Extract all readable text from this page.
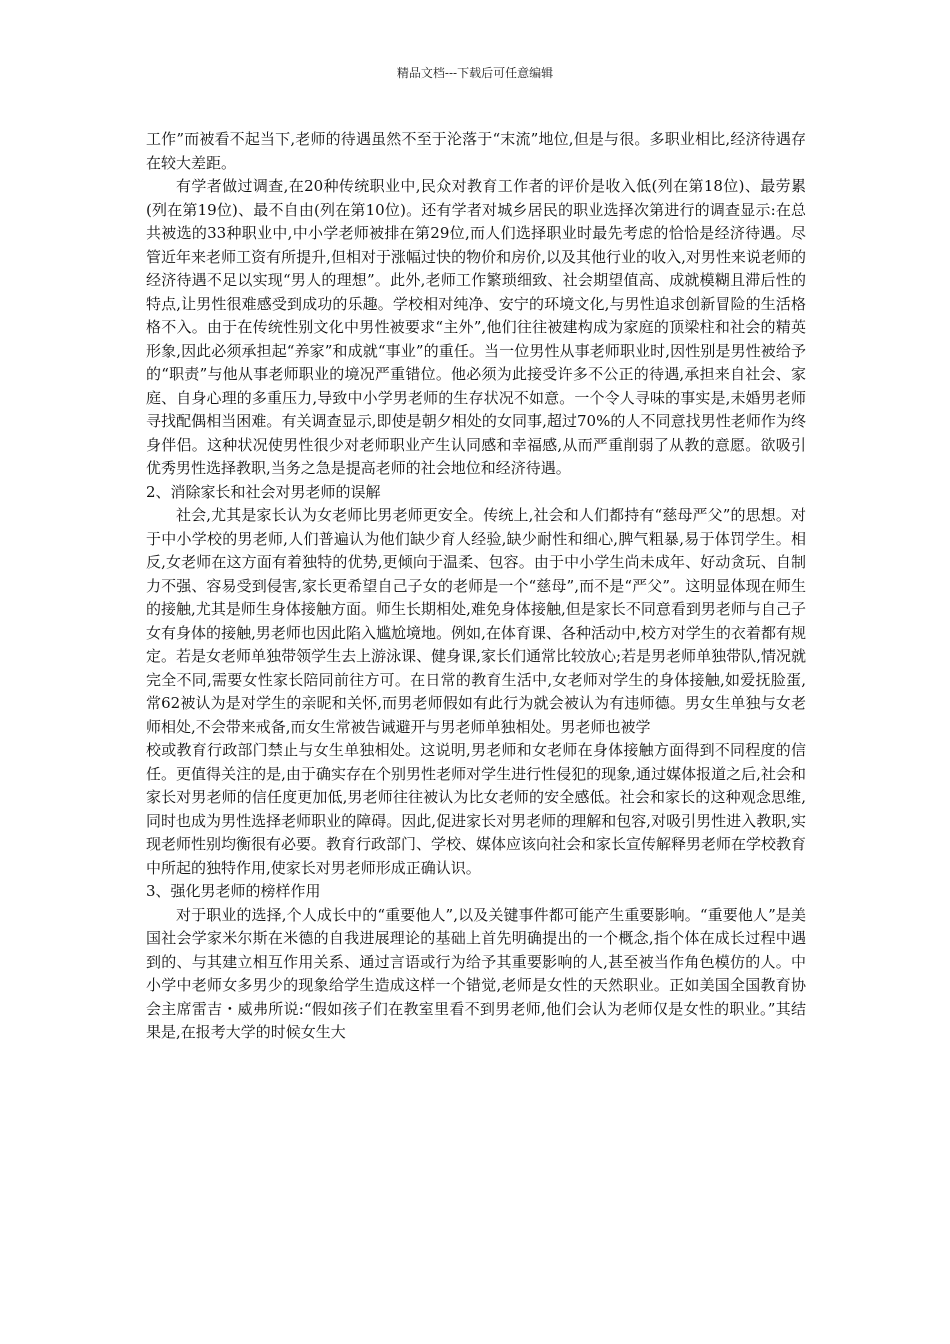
精品文档---下载后可任意编辑

工作”而被看不起当下,老师的待遇虽然不至于沦落于“末流”地位,但是与很。多职业相比,经济待遇存在较大差距。

有学者做过调查,在20种传统职业中,民众对教育工作者的评价是收入低(列在第18位)、最劳累(列在第19位)、最不自由(列在第10位)。还有学者对城乡居民的职业选择次第进行的调查显示:在总共被选的33种职业中,中小学老师被排在第29位,而人们选择职业时最先考虑的恰恰是经济待遇。尽管近年来老师工资有所提升,但相对于涨幅过快的物价和房价,以及其他行业的收入,对男性来说老师的经济待遇不足以实现“男人的理想”。此外,老师工作繁琐细致、社会期望值高、成就模糊且滞后性的特点,让男性很难感受到成功的乐趣。学校相对纯净、安宁的环境文化,与男性追求创新冒险的生活格格不入。由于在传统性别文化中男性被要求“主外”,他们往往被建构成为家庭的顶梁柱和社会的精英形象,因此必须承担起“养家”和成就“事业”的重任。当一位男性从事老师职业时,因性别是男性被给予的“职责”与他从事老师职业的境况严重错位。他必须为此接受许多不公正的待遇,承担来自社会、家庭、自身心理的多重压力,导致中小学男老师的生存状况不如意。一个令人寻味的事实是,未婚男老师寻找配偶相当困难。有关调查显示,即使是朝夕相处的女同事,超过70%的人不同意找男性老师作为终身伴侣。这种状况使男性很少对老师职业产生认同感和幸福感,从而严重削弱了从教的意愿。欲吸引优秀男性选择教职,当务之急是提高老师的社会地位和经济待遇。

2、消除家长和社会对男老师的误解

社会,尤其是家长认为女老师比男老师更安全。传统上,社会和人们都持有“慈母严父”的思想。对于中小学校的男老师,人们普遍认为他们缺少育人经验,缺少耐性和细心,脾气粗暴,易于体罚学生。相反,女老师在这方面有着独特的优势,更倾向于温柔、包容。由于中小学生尚未成年、好动贪玩、自制力不强、容易受到侵害,家长更希望自己子女的老师是一个“慈母”,而不是“严父”。这明显体现在师生的接触,尤其是师生身体接触方面。师生长期相处,难免身体接触,但是家长不同意看到男老师与自己子女有身体的接触,男老师也因此陷入尴尬境地。例如,在体育课、各种活动中,校方对学生的衣着都有规定。若是女老师单独带领学生去上游泳课、健身课,家长们通常比较放心;若是男老师单独带队,情况就完全不同,需要女性家长陪同前往方可。在日常的教育生活中,女老师对学生的身体接触,如爱抚脸蛋,常62被认为是对学生的亲昵和关怀,而男老师假如有此行为就会被认为有违师德。男女生单独与女老师相处,不会带来戒备,而女生常被告诫避开与男老师单独相处。男老师也被学

校或教育行政部门禁止与女生单独相处。这说明,男老师和女老师在身体接触方面得到不同程度的信任。更值得关注的是,由于确实存在个别男性老师对学生进行性侵犯的现象,通过媒体报道之后,社会和家长对男老师的信任度更加低,男老师往往被认为比女老师的安全感低。社会和家长的这种观念思维,同时也成为男性选择老师职业的障碍。因此,促进家长对男老师的理解和包容,对吸引男性进入教职,实现老师性别均衡很有必要。教育行政部门、学校、媒体应该向社会和家长宣传解释男老师在学校教育中所起的独特作用,使家长对男老师形成正确认识。

3、强化男老师的榜样作用

对于职业的选择,个人成长中的“重要他人”,以及关键事件都可能产生重要影响。“重要他人”是美国社会学家米尔斯在米德的自我进展理论的基础上首先明确提出的一个概念,指个体在成长过程中遇到的、与其建立相互作用关系、通过言语或行为给予其重要影响的人,甚至被当作角色模仿的人。中小学中老师女多男少的现象给学生造成这样一个错觉,老师是女性的天然职业。正如美国全国教育协会主席雷吉・威弗所说:“假如孩子们在教室里看不到男老师,他们会认为老师仅是女性的职业。”其结果是,在报考大学的时候女生大
